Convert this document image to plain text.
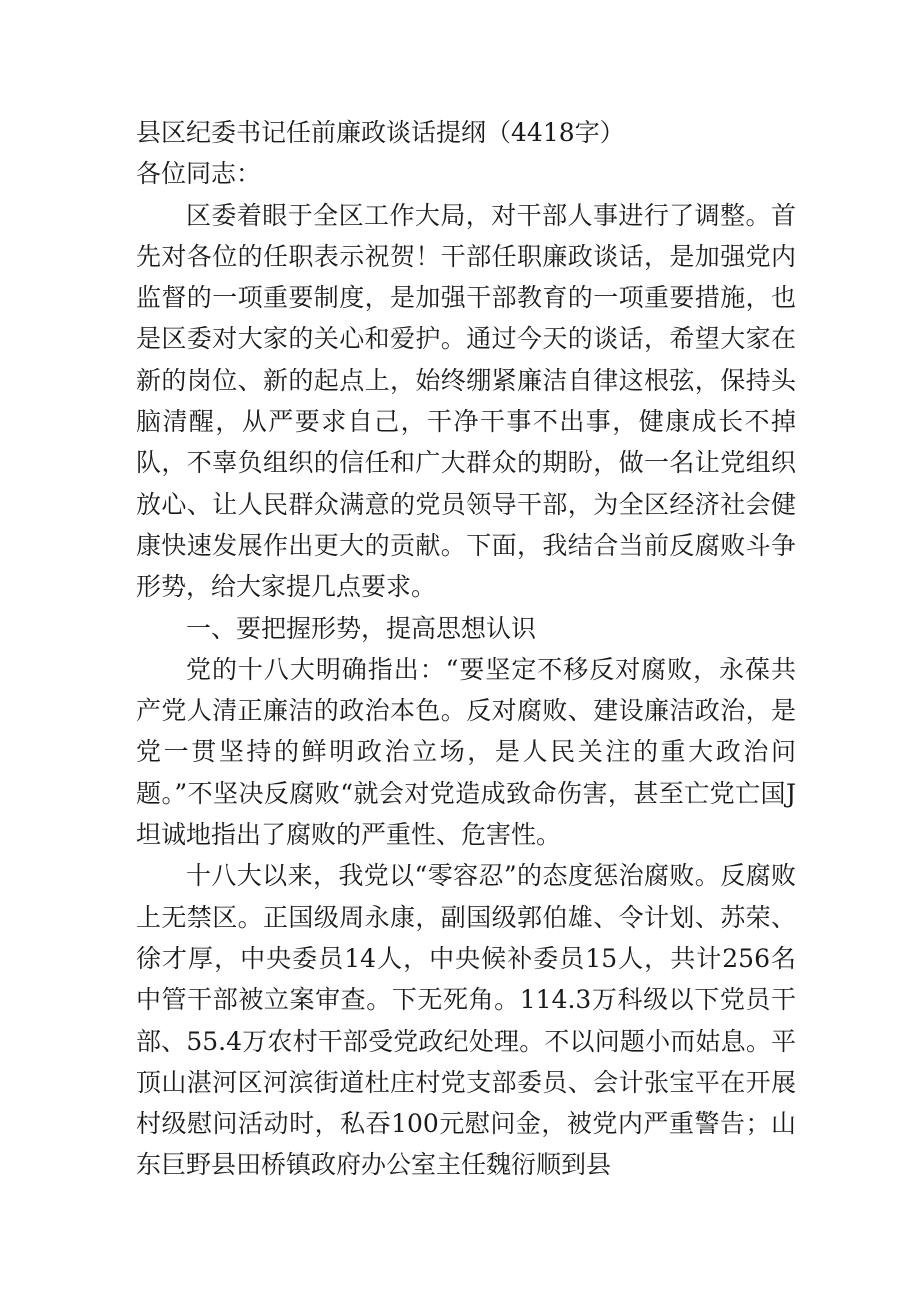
县区纪委书记任前廉政谈话提纲（4418字）

各位同志：

区委着眼于全区工作大局，对干部人事进行了调整。首先对各位的任职表示祝贺！干部任职廉政谈话，是加强党内监督的一项重要制度，是加强干部教育的一项重要措施，也是区委对大家的关心和爱护。通过今天的谈话，希望大家在新的岗位、新的起点上，始终绷紧廉洁自律这根弦，保持头脑清醒，从严要求自己，干净干事不出事，健康成长不掉队，不辜负组织的信任和广大群众的期盼，做一名让党组织放心、让人民群众满意的党员领导干部，为全区经济社会健康快速发展作出更大的贡献。下面，我结合当前反腐败斗争形势，给大家提几点要求。

一、要把握形势，提高思想认识

党的十八大明确指出：“要坚定不移反对腐败，永葆共产党人清正廉洁的政治本色。反对腐败、建设廉洁政治，是党一贯坚持的鲜明政治立场，是人民关注的重大政治问题。”不坚决反腐败“就会对党造成致命伤害，甚至亡党亡国J坦诚地指出了腐败的严重性、危害性。

十八大以来，我党以“零容忍”的态度惩治腐败。反腐败上无禁区。正国级周永康，副国级郭伯雄、令计划、苏荣、徐才厚，中央委员14人，中央候补委员15人，共计256名中管干部被立案审查。下无死角。114.3万科级以下党员干部、55.4万农村干部受党政纪处理。不以问题小而姑息。平顶山湛河区河滨街道杜庄村党支部委员、会计张宝平在开展村级慰问活动时，私吞100元慰问金，被党内严重警告；山东巨野县田桥镇政府办公室主任魏衍顺到县
